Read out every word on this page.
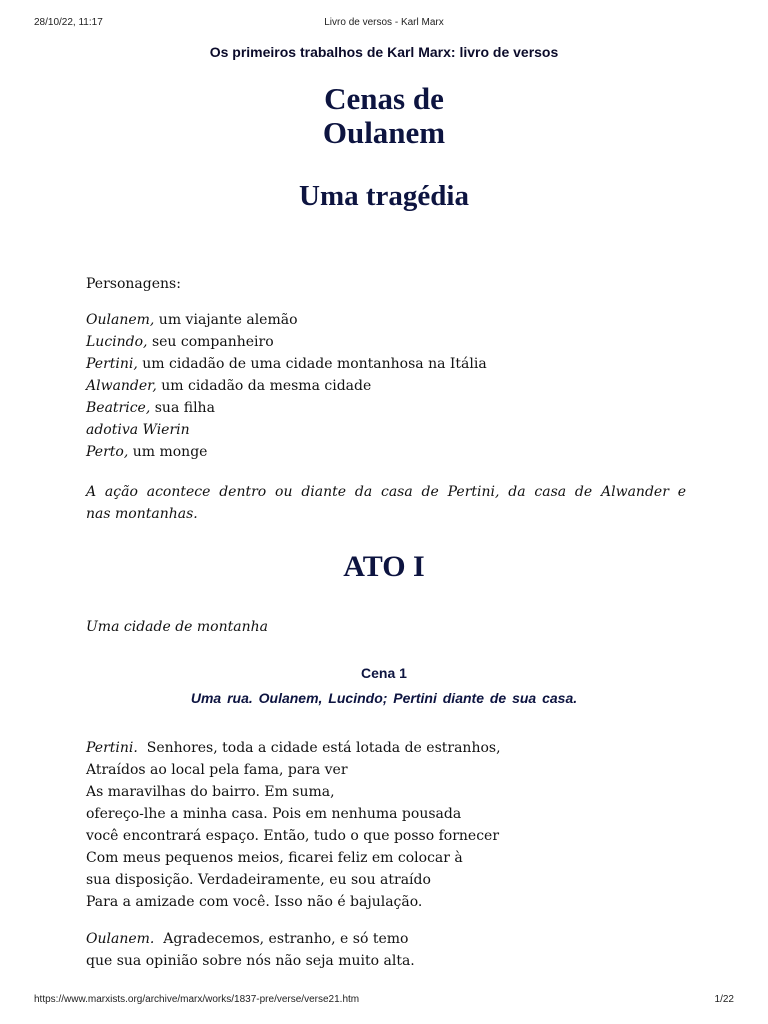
28/10/22, 11:17	Livro de versos - Karl Marx
Os primeiros trabalhos de Karl Marx: livro de versos
Cenas de
Oulanem
Uma tragédia
Personagens:
Oulanem, um viajante alemão
Lucindo, seu companheiro
Pertini, um cidadão de uma cidade montanhosa na Itália
Alwander, um cidadão da mesma cidade
Beatrice, sua filha
adotiva Wierin
Perto, um monge
A ação acontece dentro ou diante da casa de Pertini, da casa de Alwander e
nas montanhas.
ATO I
Uma cidade de montanha
Cena 1
Uma rua. Oulanem, Lucindo; Pertini diante de sua casa.
Pertini. Senhores, toda a cidade está lotada de estranhos,
Atraídos ao local pela fama, para ver
As maravilhas do bairro. Em suma,
ofereço-lhe a minha casa. Pois em nenhuma pousada
você encontrará espaço. Então, tudo o que posso fornecer
Com meus pequenos meios, ficarei feliz em colocar à
sua disposição. Verdadeiramente, eu sou atraído
Para a amizade com você. Isso não é bajulação.
Oulanem. Agradecemos, estranho, e só temo
que sua opinião sobre nós não seja muito alta.
https://www.marxists.org/archive/marx/works/1837-pre/verse/verse21.htm	1/22
